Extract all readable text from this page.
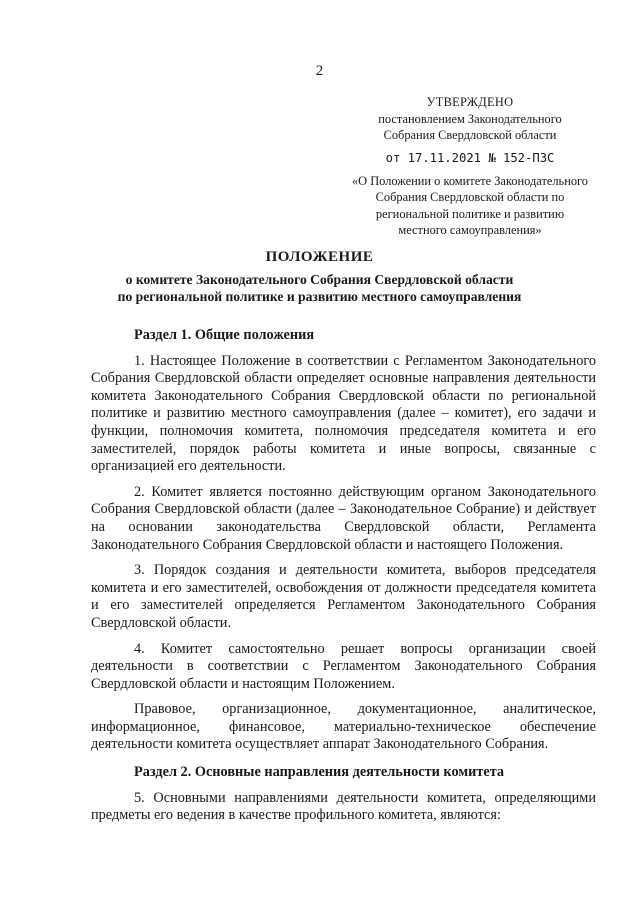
2
УТВЕРЖДЕНО
постановлением Законодательного
Собрания Свердловской области
от 17.11.2021 № 152-ПЗС
«О Положении о комитете Законодательного
Собрания Свердловской области по
региональной политике и развитию
местного самоуправления»
ПОЛОЖЕНИЕ
о комитете Законодательного Собрания Свердловской области
по региональной политике и развитию местного самоуправления
Раздел 1. Общие положения

1. Настоящее Положение в соответствии с Регламентом Законодательного Собрания Свердловской области определяет основные направления деятельности комитета Законодательного Собрания Свердловской области по региональной политике и развитию местного самоуправления (далее – комитет), его задачи и функции, полномочия комитета, полномочия председателя комитета и его заместителей, порядок работы комитета и иные вопросы, связанные с организацией его деятельности.

2. Комитет является постоянно действующим органом Законодательного Собрания Свердловской области (далее – Законодательное Собрание) и действует на основании законодательства Свердловской области, Регламента Законодательного Собрания Свердловской области и настоящего Положения.

3. Порядок создания и деятельности комитета, выборов председателя комитета и его заместителей, освобождения от должности председателя комитета и его заместителей определяется Регламентом Законодательного Собрания Свердловской области.

4. Комитет самостоятельно решает вопросы организации своей деятельности в соответствии с Регламентом Законодательного Собрания Свердловской области и настоящим Положением.

Правовое, организационное, документационное, аналитическое, информационное, финансовое, материально-техническое обеспечение деятельности комитета осуществляет аппарат Законодательного Собрания.

Раздел 2. Основные направления деятельности комитета

5. Основными направлениями деятельности комитета, определяющими предметы его ведения в качестве профильного комитета, являются:
